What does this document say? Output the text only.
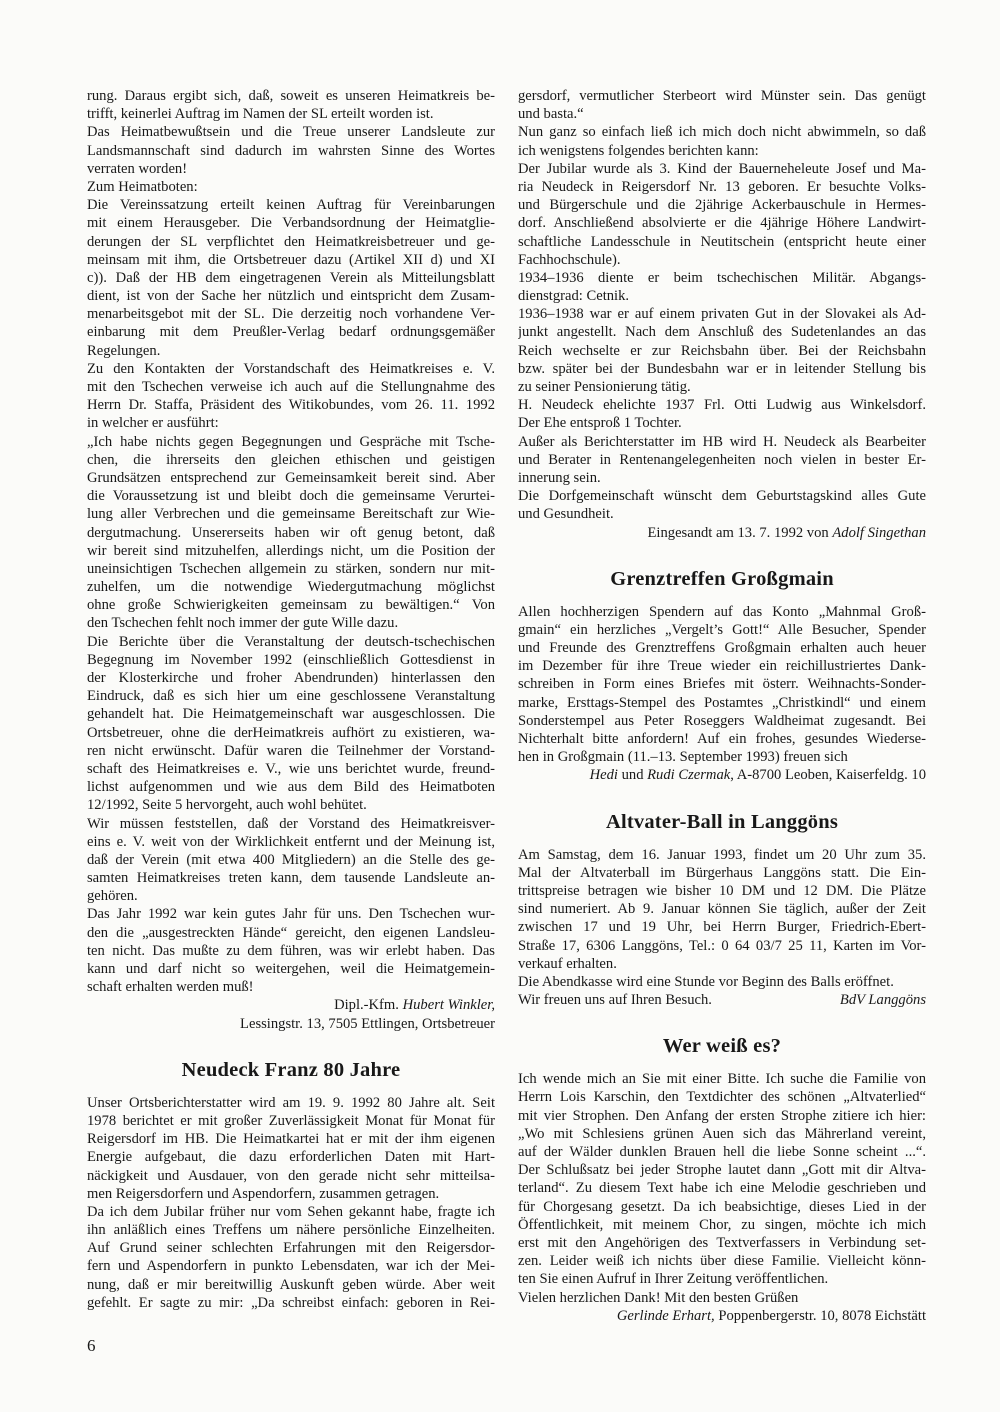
rung. Daraus ergibt sich, daß, soweit es unseren Heimatkreis be-
trifft, keinerlei Auftrag im Namen der SL erteilt worden ist.
Das Heimatbewußtsein und die Treue unserer Landsleute zur
Landsmannschaft sind dadurch im wahrsten Sinne des Wortes
verraten worden!
Zum Heimatboten:
Die Vereinssatzung erteilt keinen Auftrag für Vereinbarungen
mit einem Herausgeber. Die Verbandsordnung der Heimatglie-
derungen der SL verpflichtet den Heimatkreisbetreuer und ge-
meinsam mit ihm, die Ortsbetreuer dazu (Artikel XII d) und XI
c)). Daß der HB dem eingetragenen Verein als Mitteilungsblatt
dient, ist von der Sache her nützlich und eintspricht dem Zusam-
menarbeitsgebot mit der SL. Die derzeitig noch vorhandene Ver-
einbarung mit dem Preußler-Verlag bedarf ordnungsgemäßer
Regelungen.
Zu den Kontakten der Vorstandschaft des Heimatkreises e. V.
mit den Tschechen verweise ich auch auf die Stellungnahme des
Herrn Dr. Staffa, Präsident des Witikobundes, vom 26. 11. 1992
in welcher er ausführt:
„Ich habe nichts gegen Begegnungen und Gespräche mit Tsche-
chen, die ihrerseits den gleichen ethischen und geistigen
Grundsätzen entsprechend zur Gemeinsamkeit bereit sind. Aber
die Voraussetzung ist und bleibt doch die gemeinsame Verurtei-
lung aller Verbrechen und die gemeinsame Bereitschaft zur Wie-
dergutmachung. Unsererseits haben wir oft genug betont, daß
wir bereit sind mitzuhelfen, allerdings nicht, um die Position der
uneinsichtigen Tschechen allgemein zu stärken, sondern nur mit-
zuhelfen, um die notwendige Wiedergutmachung möglichst
ohne große Schwierigkeiten gemeinsam zu bewältigen.“ Von
den Tschechen fehlt noch immer der gute Wille dazu.
Die Berichte über die Veranstaltung der deutsch-tschechischen
Begegnung im November 1992 (einschließlich Gottesdienst in
der Klosterkirche und froher Abendrunden) hinterlassen den
Eindruck, daß es sich hier um eine geschlossene Veranstaltung
gehandelt hat. Die Heimatgemeinschaft war ausgeschlossen. Die
Ortsbetreuer, ohne die derHeimatkreis aufhört zu existieren, wa-
ren nicht erwünscht. Dafür waren die Teilnehmer der Vorstand-
schaft des Heimatkreises e. V., wie uns berichtet wurde, freund-
lichst aufgenommen und wie aus dem Bild des Heimatboten
12/1992, Seite 5 hervorgeht, auch wohl behütet.
Wir müssen feststellen, daß der Vorstand des Heimatkreisver-
eins e. V. weit von der Wirklichkeit entfernt und der Meinung ist,
daß der Verein (mit etwa 400 Mitgliedern) an die Stelle des ge-
samten Heimatkreises treten kann, dem tausende Landsleute an-
gehören.
Das Jahr 1992 war kein gutes Jahr für uns. Den Tschechen wur-
den die „ausgestreckten Hände“ gereicht, den eigenen Landsleu-
ten nicht. Das mußte zu dem führen, was wir erlebt haben. Das
kann und darf nicht so weitergehen, weil die Heimatgemein-
schaft erhalten werden muß!
Dipl.-Kfm. Hubert Winkler,
Lessingstr. 13, 7505 Ettlingen, Ortsbetreuer
Neudeck Franz 80 Jahre
Unser Ortsberichterstatter wird am 19. 9. 1992 80 Jahre alt. Seit
1978 berichtet er mit großer Zuverlässigkeit Monat für Monat für
Reigersdorf im HB. Die Heimatkartei hat er mit der ihm eigenen
Energie aufgebaut, die dazu erforderlichen Daten mit Hart-
näckigkeit und Ausdauer, von den gerade nicht sehr mitteilsa-
men Reigersdorfern und Aspendorfern, zusammen getragen.
Da ich dem Jubilar früher nur vom Sehen gekannt habe, fragte ich
ihn anläßlich eines Treffens um nähere persönliche Einzelheiten.
Auf Grund seiner schlechten Erfahrungen mit den Reigersdor-
fern und Aspendorfern in punkto Lebensdaten, war ich der Mei-
nung, daß er mir bereitwillig Auskunft geben würde. Aber weit
gefehlt. Er sagte zu mir: „Da schreibst einfach: geboren in Rei-
gersdorf, vermutlicher Sterbeort wird Münster sein. Das genügt
und basta.“
Nun ganz so einfach ließ ich mich doch nicht abwimmeln, so daß
ich wenigstens folgendes berichten kann:
Der Jubilar wurde als 3. Kind der Bauerneheleute Josef und Ma-
ria Neudeck in Reigersdorf Nr. 13 geboren. Er besuchte Volks-
und Bürgerschule und die 2jährige Ackerbauschule in Hermes-
dorf. Anschließend absolvierte er die 4jährige Höhere Landwirt-
schaftliche Landesschule in Neutitschein (entspricht heute einer
Fachhochschule).
1934–1936 diente er beim tschechischen Militär. Abgangs-
dienstgrad: Cetnik.
1936–1938 war er auf einem privaten Gut in der Slovakei als Ad-
junkt angestellt. Nach dem Anschluß des Sudetenlandes an das
Reich wechselte er zur Reichsbahn über. Bei der Reichsbahn
bzw. später bei der Bundesbahn war er in leitender Stellung bis
zu seiner Pensionierung tätig.
H. Neudeck ehelichte 1937 Frl. Otti Ludwig aus Winkelsdorf.
Der Ehe entsproß 1 Tochter.
Außer als Berichterstatter im HB wird H. Neudeck als Bearbeiter
und Berater in Rentenangelegenheiten noch vielen in bester Er-
innerung sein.
Die Dorfgemeinschaft wünscht dem Geburtstagskind alles Gute
und Gesundheit.
Eingesandt am 13. 7. 1992 von Adolf Singethan
Grenztreffen Großgmain
Allen hochherzigen Spendern auf das Konto „Mahnmal Groß-
gmain“ ein herzliches „Vergelt’s Gott!“ Alle Besucher, Spender
und Freunde des Grenztreffens Großgmain erhalten auch heuer
im Dezember für ihre Treue wieder ein reichillustriertes Dank-
schreiben in Form eines Briefes mit österr. Weihnachts-Sonder-
marke, Ersttags-Stempel des Postamtes „Christkindl“ und einem
Sonderstempel aus Peter Roseggers Waldheimat zugesandt. Bei
Nichterhalt bitte anfordern! Auf ein frohes, gesundes Wiederse-
hen in Großgmain (11.–13. September 1993) freuen sich
Hedi und Rudi Czermak, A-8700 Leoben, Kaiserfeldg. 10
Altvater-Ball in Langgöns
Am Samstag, dem 16. Januar 1993, findet um 20 Uhr zum 35.
Mal der Altvaterball im Bürgerhaus Langgöns statt. Die Ein-
trittspreise betragen wie bisher 10 DM und 12 DM. Die Plätze
sind numeriert. Ab 9. Januar können Sie täglich, außer der Zeit
zwischen 17 und 19 Uhr, bei Herrn Burger, Friedrich-Ebert-
Straße 17, 6306 Langgöns, Tel.: 0 64 03/7 25 11, Karten im Vor-
verkauf erhalten.
Die Abendkasse wird eine Stunde vor Beginn des Balls eröffnet.
Wir freuen uns auf Ihren Besuch.	BdV Langgöns
Wer weiß es?
Ich wende mich an Sie mit einer Bitte. Ich suche die Familie von
Herrn Lois Karschin, den Textdichter des schönen „Altvaterlied“
mit vier Strophen. Den Anfang der ersten Strophe zitiere ich hier:
„Wo mit Schlesiens grünen Auen sich das Mährerland vereint,
auf der Wälder dunklen Brauen hell die liebe Sonne scheint ...“.
Der Schlußsatz bei jeder Strophe lautet dann „Gott mit dir Altva-
terland“. Zu diesem Text habe ich eine Melodie geschrieben und
für Chorgesang gesetzt. Da ich beabsichtige, dieses Lied in der
Öffentlichkeit, mit meinem Chor, zu singen, möchte ich mich
erst mit den Angehörigen des Textverfassers in Verbindung set-
zen. Leider weiß ich nichts über diese Familie. Vielleicht könn-
ten Sie einen Aufruf in Ihrer Zeitung veröffentlichen.
Vielen herzlichen Dank! Mit den besten Grüßen
Gerlinde Erhart, Poppenbergerstr. 10, 8078 Eichstätt
6
